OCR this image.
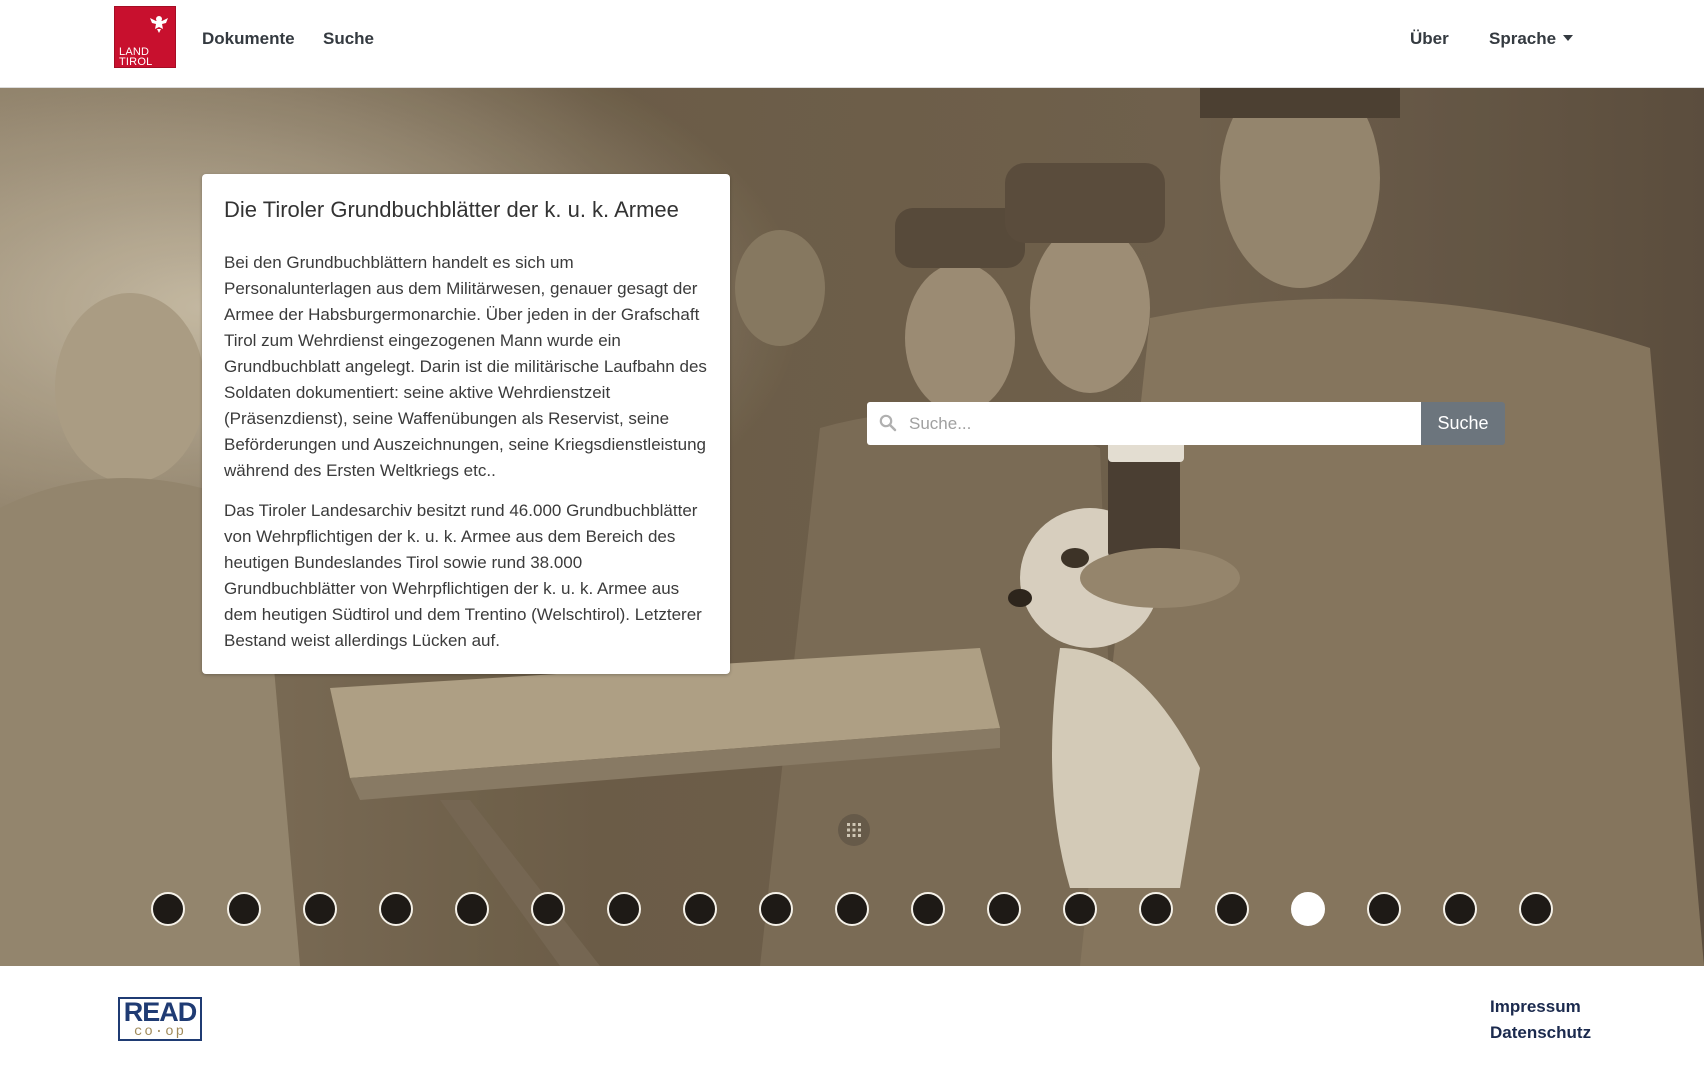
LAND
TIROL
Dokumente Suche	Über Sprache
Die Tiroler Grundbuchblätter der k. u. k. Armee

Bei den Grundbuchblättern handelt es sich um Personalunterlagen aus dem Militärwesen, genauer gesagt der Armee der Habsburgermonarchie. Über jeden in der Grafschaft Tirol zum Wehrdienst eingezogenen Mann wurde ein Grundbuchblatt angelegt. Darin ist die militärische Laufbahn des Soldaten dokumentiert: seine aktive Wehrdienstzeit (Präsenzdienst), seine Waffenübungen als Reservist, seine Beförderungen und Auszeichnungen, seine Kriegsdienstleistung während des Ersten Weltkriegs etc..

Das Tiroler Landesarchiv besitzt rund 46.000 Grundbuchblätter von Wehrpflichtigen der k. u. k. Armee aus dem Bereich des heutigen Bundeslandes Tirol sowie rund 38.000 Grundbuchblätter von Wehrpflichtigen der k. u. k. Armee aus dem heutigen Südtirol und dem Trentino (Welschtirol). Letzterer Bestand weist allerdings Lücken auf.

Suche...
Suche
READ
co·op
Impressum
Datenschutz
